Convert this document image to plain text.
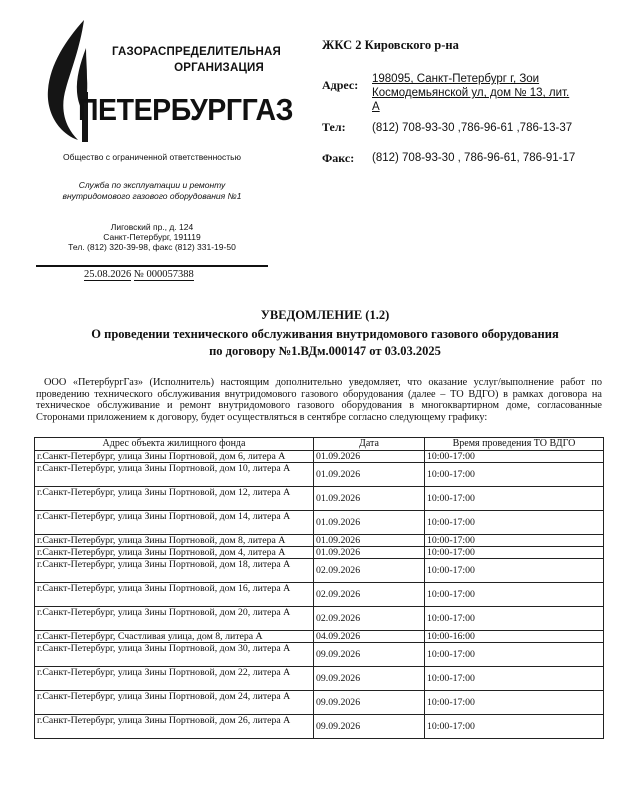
ГАЗОРАСПРЕДЕЛИТЕЛЬНАЯ
ОРГАНИЗАЦИЯ
ПЕТЕРБУРГГАЗ
Общество с ограниченной ответственностью
Служба по эксплуатации и ремонту
внутридомового газового оборудования №1
Лиговский пр., д. 124
Санкт-Петербург, 191119
Тел. (812) 320-39-98, факс (812) 331-19-50
25.08.2026 № 000057388
ЖКС 2 Кировского р-на
Адрес: 198095, Санкт-Петербург г, Зои
Космодемьянской ул, дом № 13, лит.
А
Тел: (812) 708-93-30 ,786-96-61 ,786-13-37
Факс: (812) 708-93-30 , 786-96-61, 786-91-17
УВЕДОМЛЕНИЕ (1.2)
О проведении технического обслуживания внутридомового газового оборудования
по договору №1.ВДм.000147 от 03.03.2025
ООО «ПетербургГаз» (Исполнитель) настоящим дополнительно уведомляет, что оказание услуг/выполнение работ по проведению технического обслуживания внутридомового газового оборудования (далее – ТО ВДГО) в рамках договора на техническое обслуживание и ремонт внутридомового газового оборудования в многоквартирном доме, согласованные Сторонами приложением к договору, будет осуществляться в сентябре согласно следующему графику:
Адрес объекта жилищного фонда	Дата	Время проведения ТО ВДГО
г.Санкт-Петербург, улица Зины Портновой, дом 6, литера А	01.09.2026	10:00-17:00
г.Санкт-Петербург, улица Зины Портновой, дом 10, литера А	01.09.2026	10:00-17:00
г.Санкт-Петербург, улица Зины Портновой, дом 12, литера А	01.09.2026	10:00-17:00
г.Санкт-Петербург, улица Зины Портновой, дом 14, литера А	01.09.2026	10:00-17:00
г.Санкт-Петербург, улица Зины Портновой, дом 8, литера А	01.09.2026	10:00-17:00
г.Санкт-Петербург, улица Зины Портновой, дом 4, литера А	01.09.2026	10:00-17:00
г.Санкт-Петербург, улица Зины Портновой, дом 18, литера А	02.09.2026	10:00-17:00
г.Санкт-Петербург, улица Зины Портновой, дом 16, литера А	02.09.2026	10:00-17:00
г.Санкт-Петербург, улица Зины Портновой, дом 20, литера А	02.09.2026	10:00-17:00
г.Санкт-Петербург, Счастливая улица, дом 8, литера А	04.09.2026	10:00-16:00
г.Санкт-Петербург, улица Зины Портновой, дом 30, литера А	09.09.2026	10:00-17:00
г.Санкт-Петербург, улица Зины Портновой, дом 22, литера А	09.09.2026	10:00-17:00
г.Санкт-Петербург, улица Зины Портновой, дом 24, литера А	09.09.2026	10:00-17:00
г.Санкт-Петербург, улица Зины Портновой, дом 26, литера А	09.09.2026	10:00-17:00
